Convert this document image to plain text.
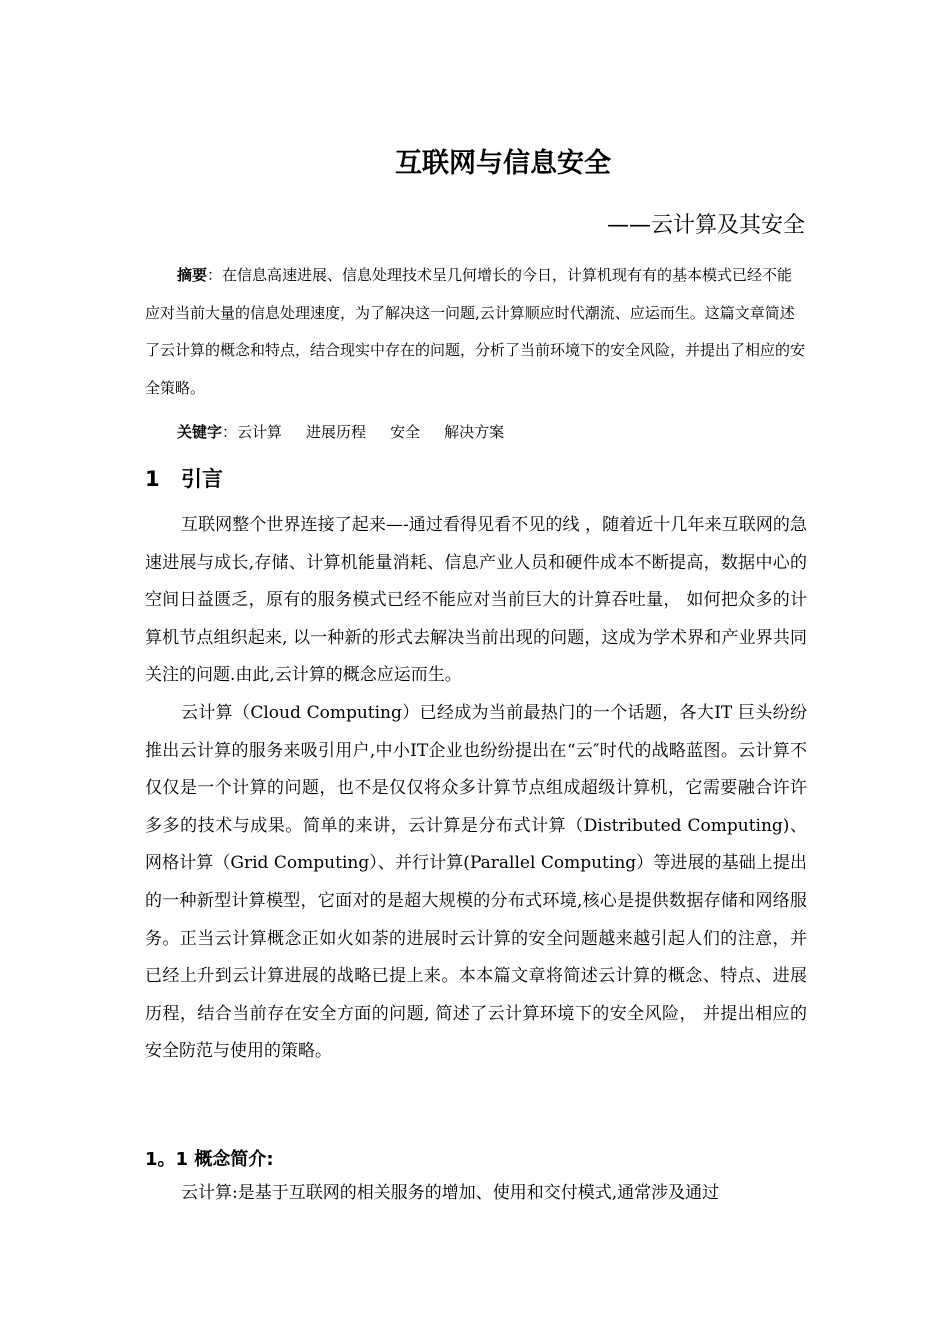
互联网与信息安全
——云计算及其安全

摘要：在信息高速进展、信息处理技术呈几何增长的今日，计算机现有有的基本模式已经不能应对当前大量的信息处理速度，为了解决这一问题,云计算顺应时代潮流、应运而生。这篇文章简述了云计算的概念和特点，结合现实中存在的问题，分析了当前环境下的安全风险，并提出了相应的安全策略。

关键字：云计算 进展历程 安全 解决方案

1 引言

互联网整个世界连接了起来—-通过看得见看不见的线 ，随着近十几年来互联网的急速进展与成长,存储、计算机能量消耗、信息产业人员和硬件成本不断提高，数据中心的空间日益匮乏，原有的服务模式已经不能应对当前巨大的计算吞吐量， 如何把众多的计算机节点组织起来, 以一种新的形式去解决当前出现的问题，这成为学术界和产业界共同关注的问题.由此,云计算的概念应运而生。

云计算（Cloud Computing）已经成为当前最热门的一个话题，各大IT 巨头纷纷推出云计算的服务来吸引用户,中小IT企业也纷纷提出在“云″时代的战略蓝图。云计算不仅仅是一个计算的问题，也不是仅仅将众多计算节点组成超级计算机，它需要融合许许多多的技术与成果。简单的来讲，云计算是分布式计算（Distributed Computing)、网格计算（Grid Computing）、并行计算(Parallel Computing）等进展的基础上提出的一种新型计算模型，它面对的是超大规模的分布式环境,核心是提供数据存储和网络服务。正当云计算概念正如火如荼的进展时云计算的安全问题越来越引起人们的注意，并已经上升到云计算进展的战略已提上来。本本篇文章将简述云计算的概念、特点、进展历程，结合当前存在安全方面的问题, 简述了云计算环境下的安全风险， 并提出相应的安全防范与使用的策略。

1。1 概念简介:

云计算:是基于互联网的相关服务的增加、使用和交付模式,通常涉及通过
